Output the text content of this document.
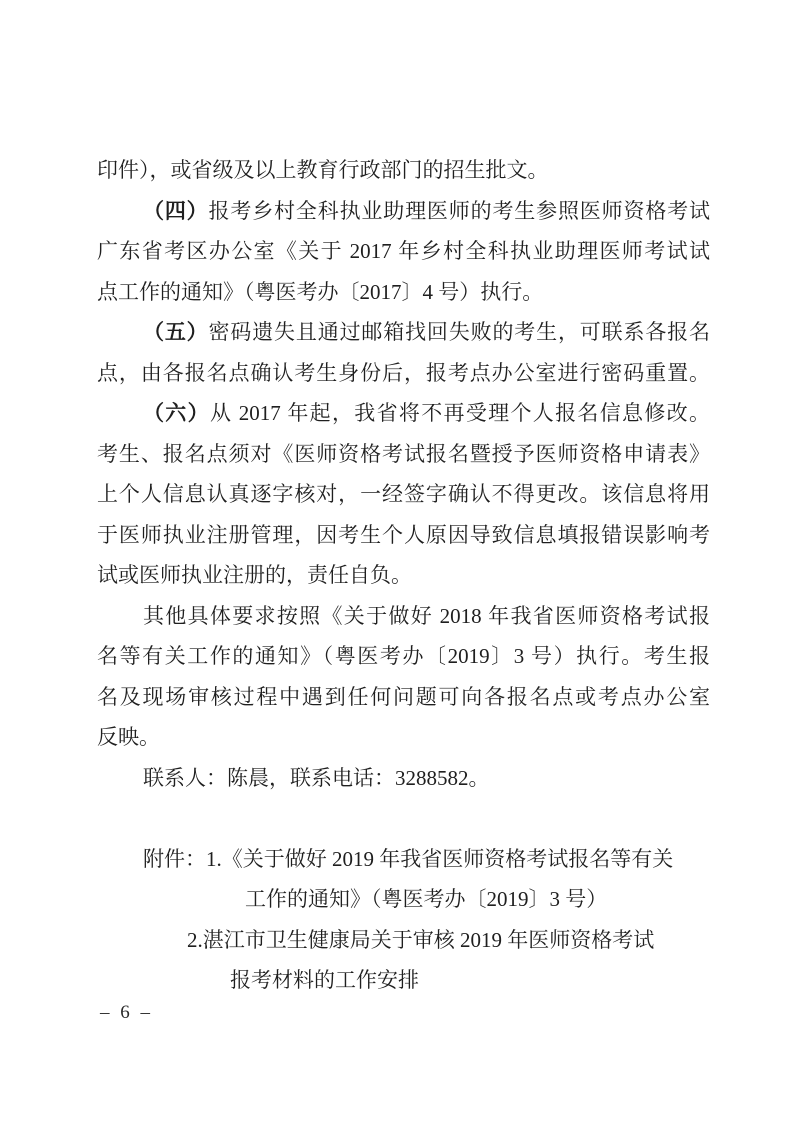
印件），或省级及以上教育行政部门的招生批文。
（四）报考乡村全科执业助理医师的考生参照医师资格考试
广东省考区办公室《关于 2017 年乡村全科执业助理医师考试试
点工作的通知》（粤医考办〔2017〕4 号）执行。
（五）密码遗失且通过邮箱找回失败的考生，可联系各报名
点，由各报名点确认考生身份后，报考点办公室进行密码重置。
（六）从 2017 年起，我省将不再受理个人报名信息修改。
考生、报名点须对《医师资格考试报名暨授予医师资格申请表》
上个人信息认真逐字核对，一经签字确认不得更改。该信息将用
于医师执业注册管理，因考生个人原因导致信息填报错误影响考
试或医师执业注册的，责任自负。
其他具体要求按照《关于做好 2018 年我省医师资格考试报
名等有关工作的通知》（粤医考办〔2019〕3 号）执行。考生报
名及现场审核过程中遇到任何问题可向各报名点或考点办公室
反映。
联系人：陈晨，联系电话：3288582。

附件：1.《关于做好 2019 年我省医师资格考试报名等有关
工作的通知》（粤医考办〔2019〕3 号）
2.湛江市卫生健康局关于审核 2019 年医师资格考试
报考材料的工作安排
– 6 –
